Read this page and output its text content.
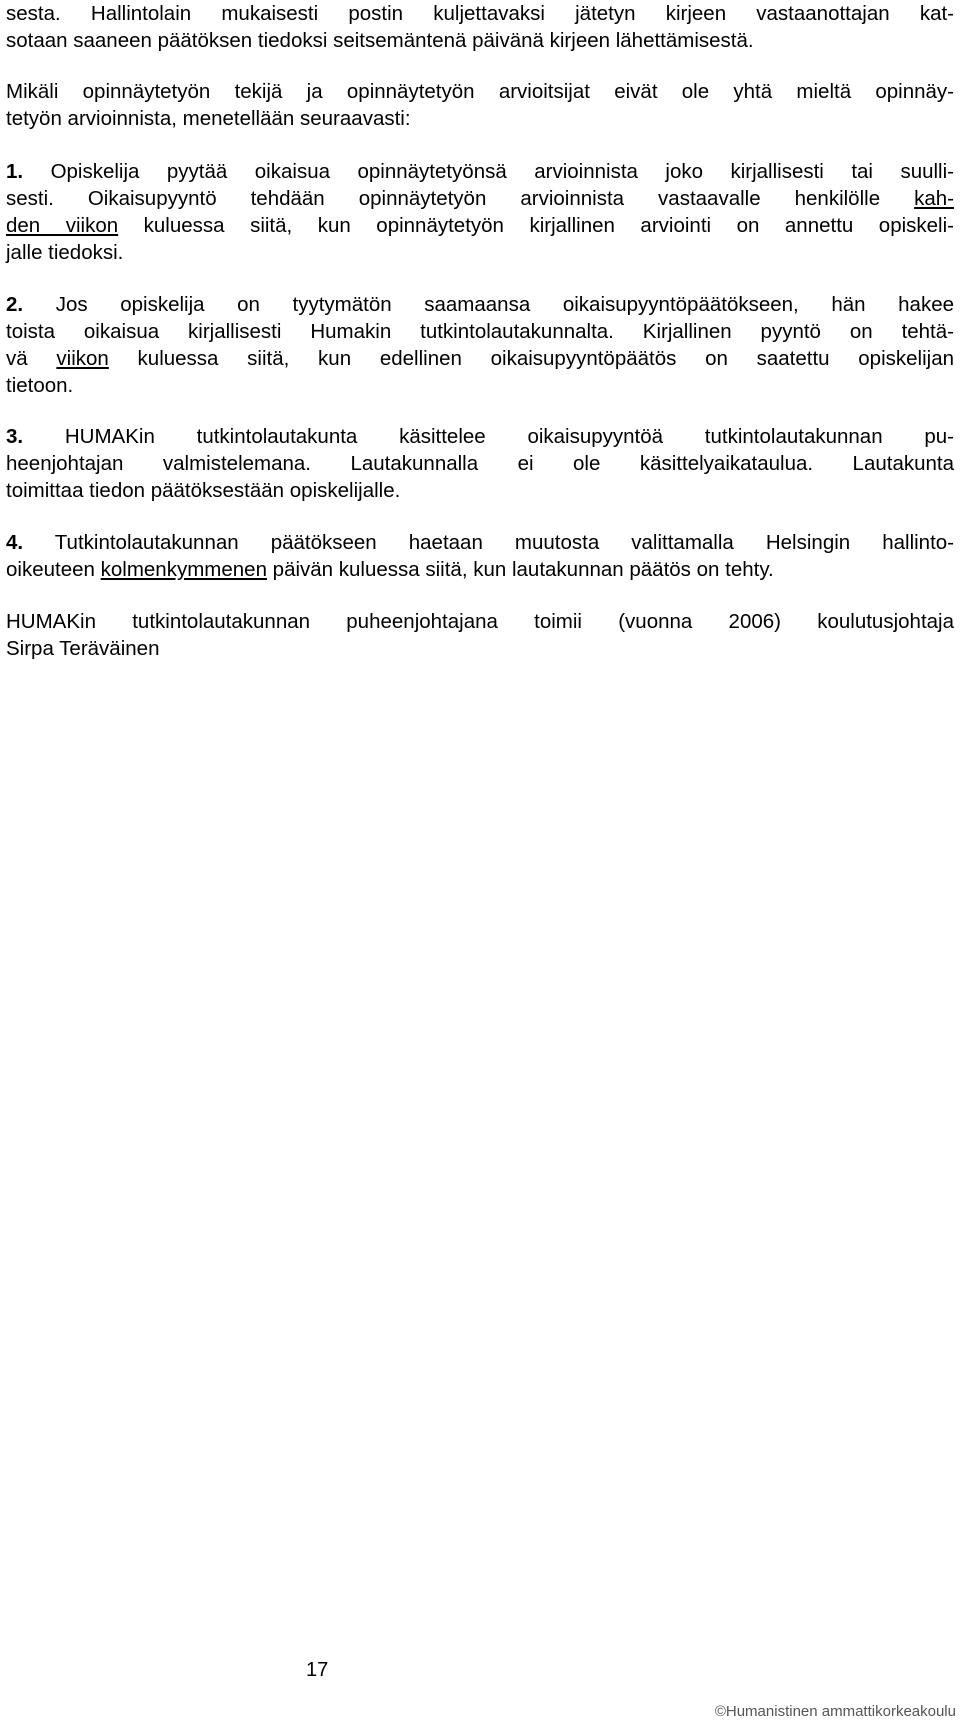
sesta. Hallintolain mukaisesti postin kuljettavaksi jätetyn kirjeen vastaanottajan kat-
sotaan saaneen päätöksen tiedoksi seitsemäntenä päivänä kirjeen lähettämisestä.

Mikäli opinnäytetyön tekijä ja opinnäytetyön arvioitsijat eivät ole yhtä mieltä opinnäy-
tetyön arvioinnista, menetellään seuraavasti:

1. Opiskelija pyytää oikaisua opinnäytetyönsä arvioinnista joko kirjallisesti tai suulli-
sesti. Oikaisupyyntö tehdään opinnäytetyön arvioinnista vastaavalle henkilölle kah-
den viikon kuluessa siitä, kun opinnäytetyön kirjallinen arviointi on annettu opiskeli-
jalle tiedoksi.

2. Jos opiskelija on tyytymätön saamaansa oikaisupyyntöpäätökseen, hän hakee
toista oikaisua kirjallisesti Humakin tutkintolautakunnalta. Kirjallinen pyyntö on tehtä-
vä viikon kuluessa siitä, kun edellinen oikaisupyyntöpäätös on saatettu opiskelijan
tietoon.

3. HUMAKin tutkintolautakunta käsittelee oikaisupyyntöä tutkintolautakunnan pu-
heenjohtajan valmistelemana. Lautakunnalla ei ole käsittelyaikataulua. Lautakunta
toimittaa tiedon päätöksestään opiskelijalle.

4. Tutkintolautakunnan päätökseen haetaan muutosta valittamalla Helsingin hallinto-
oikeuteen kolmenkymmenen päivän kuluessa siitä, kun lautakunnan päätös on tehty.

HUMAKin tutkintolautakunnan puheenjohtajana toimii (vuonna 2006) koulutusjohtaja
Sirpa Teräväinen

17
©Humanistinen ammattikorkeakoulu
